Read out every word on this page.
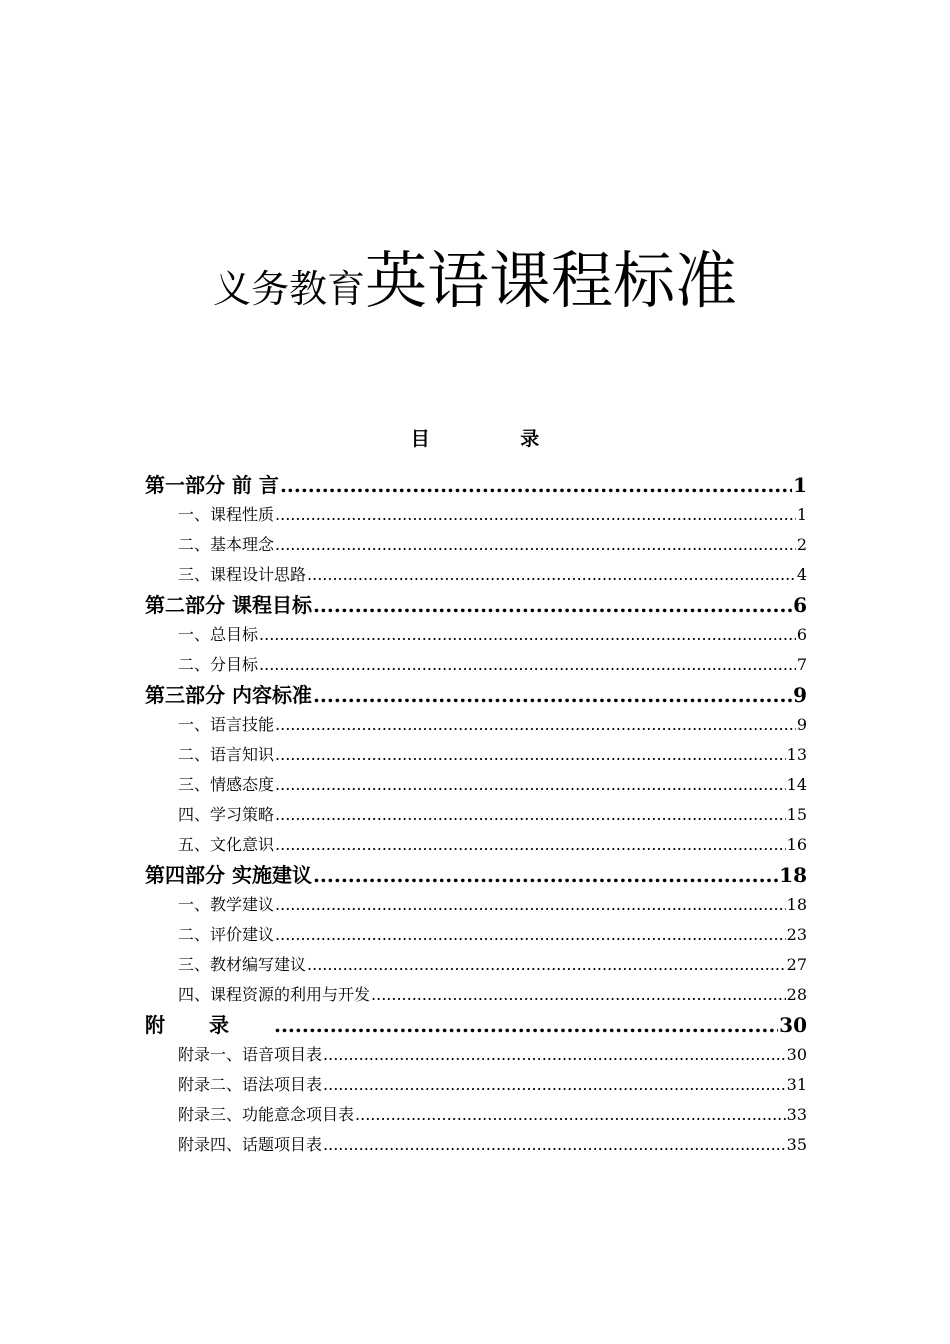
义务教育英语课程标准
目 录
第一部分 前 言 .....	1
一、课程性质 .....	1
二、基本理念 .....	2
三、课程设计思路 .....	4
第二部分 课程目标 .....	6
一、总目标 .....	6
二、分目标 .....	7
第三部分 内容标准 .....	9
一、语言技能 .....	9
二、语言知识 .....	13
三、情感态度 .....	14
四、学习策略 .....	15
五、文化意识 .....	16
第四部分 实施建议 .....	18
一、教学建议 .....	18
二、评价建议 .....	23
三、教材编写建议 .....	27
四、课程资源的利用与开发 .....	28
附录 .....	30
附录一、语音项目表 .....	30
附录二、语法项目表 .....	31
附录三、功能意念项目表 .....	33
附录四、话题项目表 .....	35
